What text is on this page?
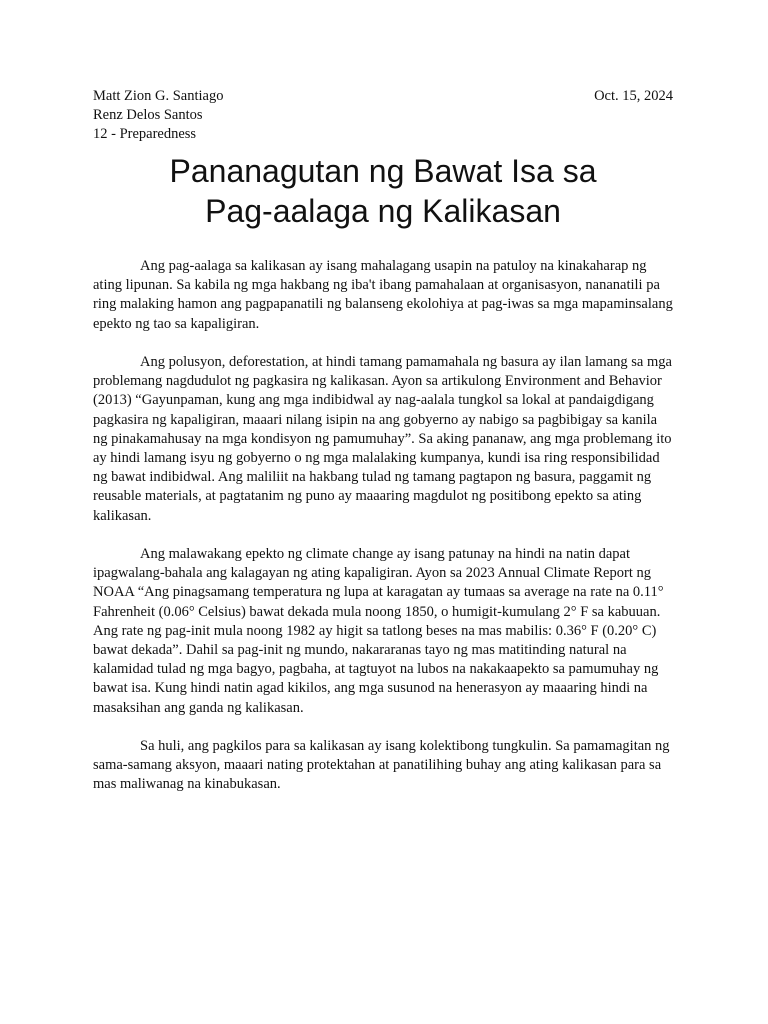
Matt Zion G. Santiago
Renz Delos Santos
12 - Preparedness
Oct. 15, 2024
Pananagutan ng Bawat Isa sa
Pag-aalaga ng Kalikasan

Ang pag-aalaga sa kalikasan ay isang mahalagang usapin na patuloy na kinakaharap ng ating lipunan. Sa kabila ng mga hakbang ng iba't ibang pamahalaan at organisasyon, nananatili pa ring malaking hamon ang pagpapanatili ng balanseng ekolohiya at pag-iwas sa mga mapaminsalang epekto ng tao sa kapaligiran.

Ang polusyon, deforestation, at hindi tamang pamamahala ng basura ay ilan lamang sa mga problemang nagdudulot ng pagkasira ng kalikasan. Ayon sa artikulong Environment and Behavior (2013) “Gayunpaman, kung ang mga indibidwal ay nag-aalala tungkol sa lokal at pandaigdigang pagkasira ng kapaligiran, maaari nilang isipin na ang gobyerno ay nabigo sa pagbibigay sa kanila ng pinakamahusay na mga kondisyon ng pamumuhay”. Sa aking pananaw, ang mga problemang ito ay hindi lamang isyu ng gobyerno o ng mga malalaking kumpanya, kundi isa ring responsibilidad ng bawat indibidwal. Ang maliliit na hakbang tulad ng tamang pagtapon ng basura, paggamit ng reusable materials, at pagtatanim ng puno ay maaaring magdulot ng positibong epekto sa ating kalikasan.

Ang malawakang epekto ng climate change ay isang patunay na hindi na natin dapat ipagwalang-bahala ang kalagayan ng ating kapaligiran. Ayon sa 2023 Annual Climate Report ng NOAA “Ang pinagsamang temperatura ng lupa at karagatan ay tumaas sa average na rate na 0.11° Fahrenheit (0.06° Celsius) bawat dekada mula noong 1850, o humigit-kumulang 2° F sa kabuuan. Ang rate ng pag-init mula noong 1982 ay higit sa tatlong beses na mas mabilis: 0.36° F (0.20° C) bawat dekada”. Dahil sa pag-init ng mundo, nakararanas tayo ng mas matitinding natural na kalamidad tulad ng mga bagyo, pagbaha, at tagtuyot na lubos na nakakaapekto sa pamumuhay ng bawat isa. Kung hindi natin agad kikilos, ang mga susunod na henerasyon ay maaaring hindi na masaksihan ang ganda ng kalikasan.

Sa huli, ang pagkilos para sa kalikasan ay isang kolektibong tungkulin. Sa pamamagitan ng sama-samang aksyon, maaari nating protektahan at panatilihing buhay ang ating kalikasan para sa mas maliwanag na kinabukasan.
